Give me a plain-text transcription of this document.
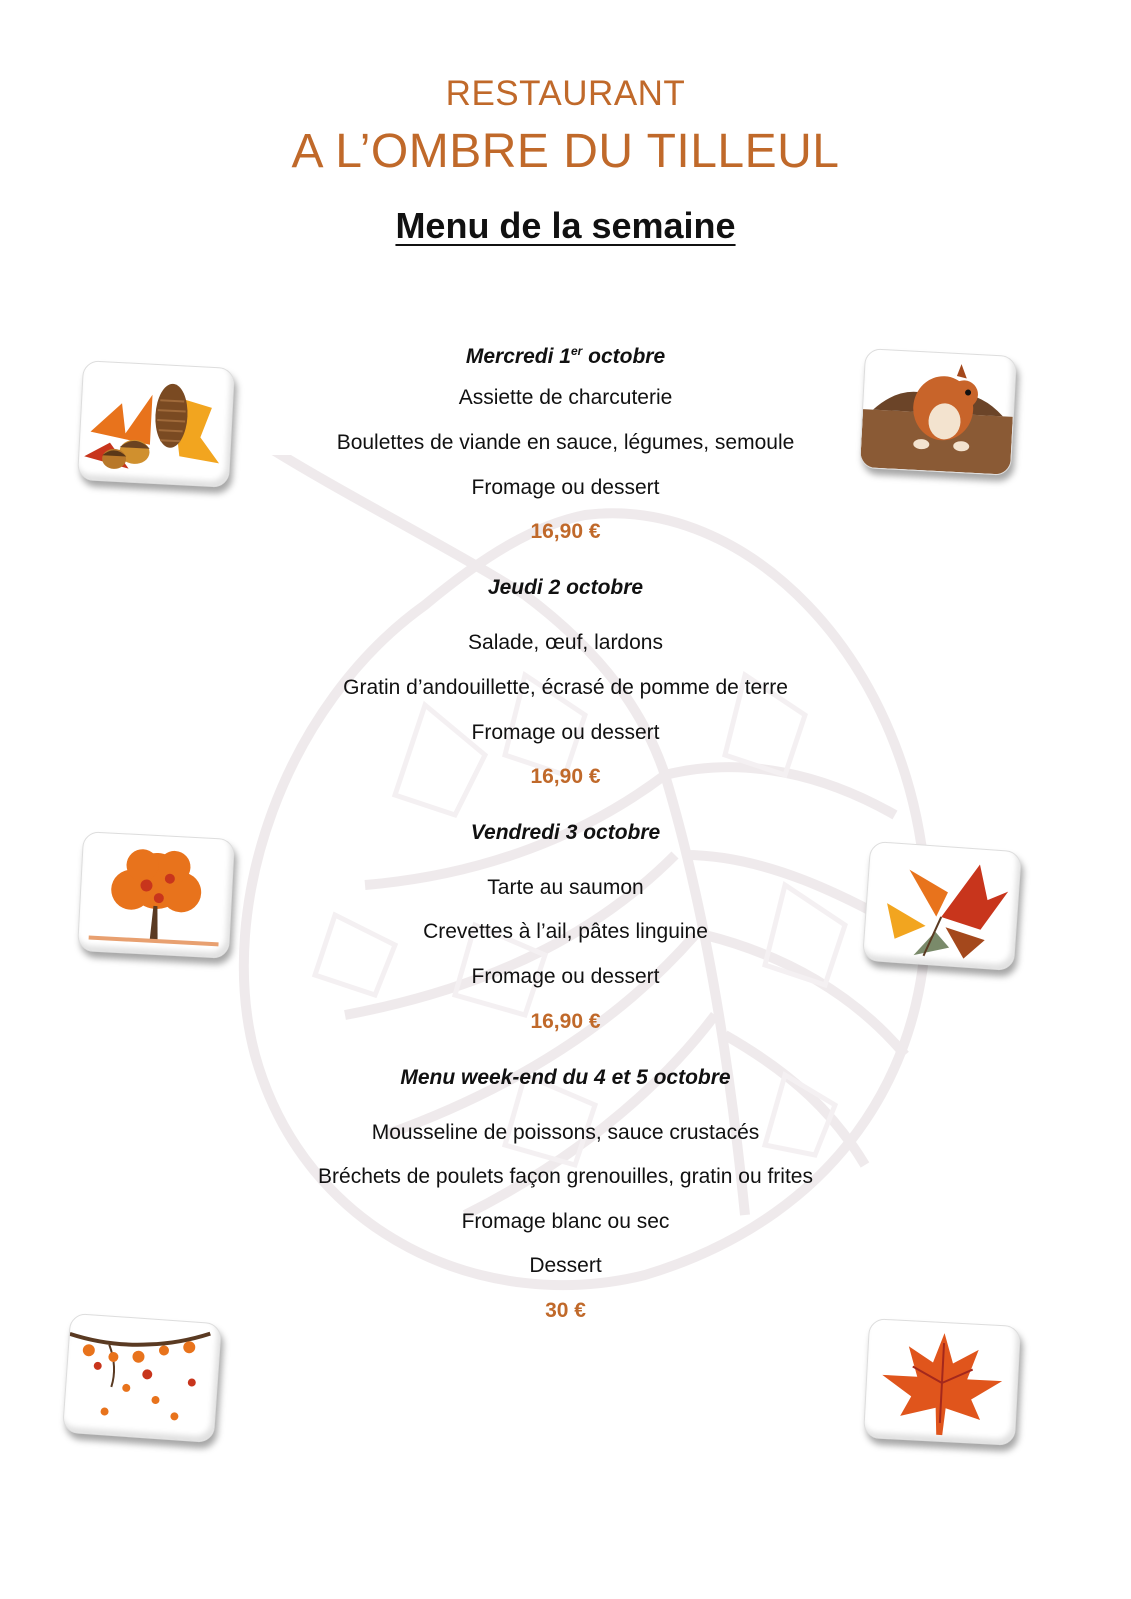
RESTAURANT
A L’OMBRE DU TILLEUL
Menu de la semaine
Mercredi 1er octobre
Assiette de charcuterie
Boulettes de viande en sauce, légumes, semoule
Fromage ou dessert
16,90 €
Jeudi 2 octobre
Salade, œuf, lardons
Gratin d’andouillette, écrasé de pomme de terre
Fromage ou dessert
16,90 €
Vendredi 3 octobre
Tarte au saumon
Crevettes à l’ail, pâtes linguine
Fromage ou dessert
16,90 €
Menu week-end du 4 et 5 octobre
Mousseline de poissons, sauce crustacés
Bréchets de poulets façon grenouilles, gratin ou frites
Fromage blanc ou sec
Dessert
30 €
